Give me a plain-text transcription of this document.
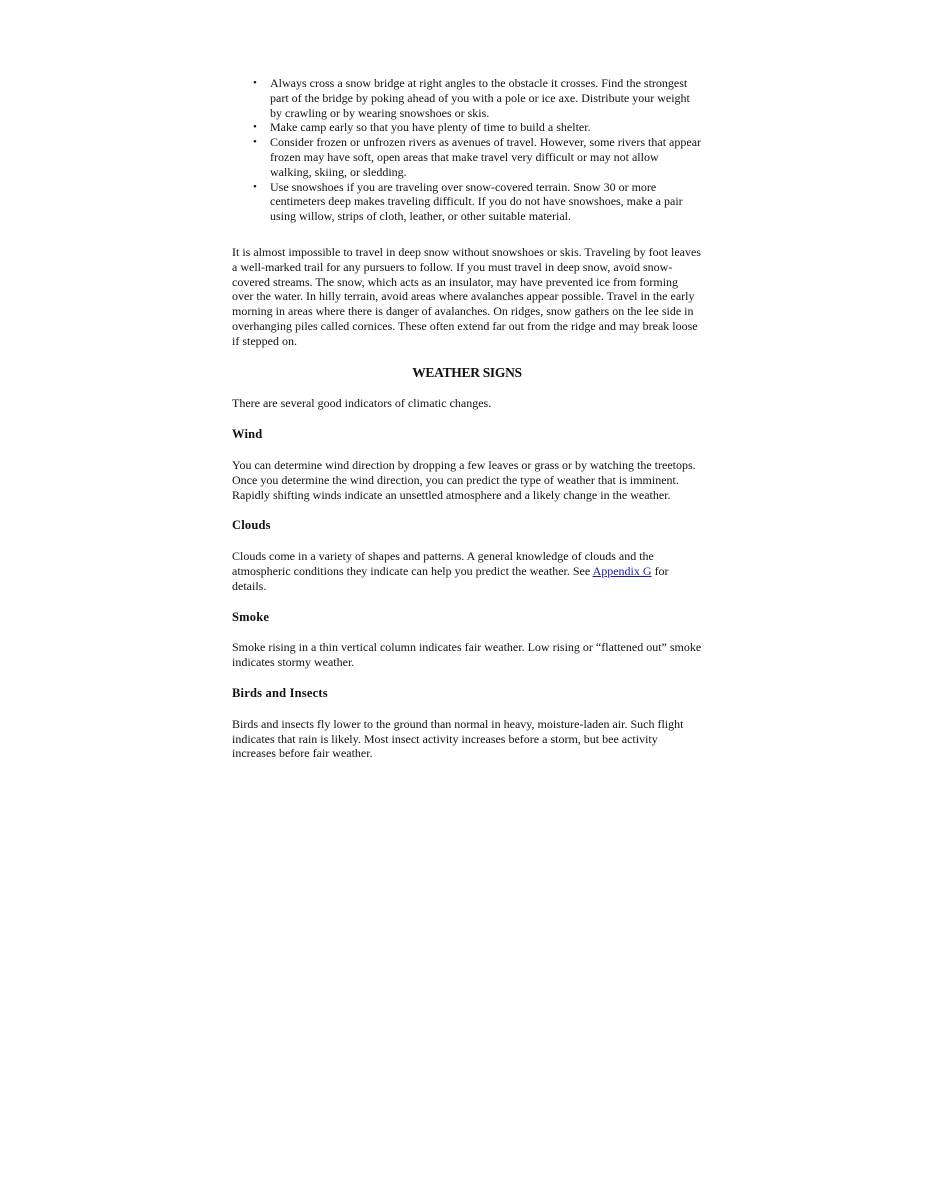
• Always cross a snow bridge at right angles to the obstacle it crosses. Find the strongest part of the bridge by poking ahead of you with a pole or ice axe. Distribute your weight by crawling or by wearing snowshoes or skis.
• Make camp early so that you have plenty of time to build a shelter.
• Consider frozen or unfrozen rivers as avenues of travel. However, some rivers that appear frozen may have soft, open areas that make travel very difficult or may not allow walking, skiing, or sledding.
• Use snowshoes if you are traveling over snow-covered terrain. Snow 30 or more centimeters deep makes traveling difficult. If you do not have snowshoes, make a pair using willow, strips of cloth, leather, or other suitable material.

It is almost impossible to travel in deep snow without snowshoes or skis. Traveling by foot leaves a well-marked trail for any pursuers to follow. If you must travel in deep snow, avoid snow-covered streams. The snow, which acts as an insulator, may have prevented ice from forming over the water. In hilly terrain, avoid areas where avalanches appear possible. Travel in the early morning in areas where there is danger of avalanches. On ridges, snow gathers on the lee side in overhanging piles called cornices. These often extend far out from the ridge and may break loose if stepped on.

WEATHER SIGNS

There are several good indicators of climatic changes.

Wind

You can determine wind direction by dropping a few leaves or grass or by watching the treetops. Once you determine the wind direction, you can predict the type of weather that is imminent. Rapidly shifting winds indicate an unsettled atmosphere and a likely change in the weather.

Clouds

Clouds come in a variety of shapes and patterns. A general knowledge of clouds and the atmospheric conditions they indicate can help you predict the weather. See Appendix G for details.

Smoke

Smoke rising in a thin vertical column indicates fair weather. Low rising or “flattened out” smoke indicates stormy weather.

Birds and Insects

Birds and insects fly lower to the ground than normal in heavy, moisture-laden air. Such flight indicates that rain is likely. Most insect activity increases before a storm, but bee activity increases before fair weather.
